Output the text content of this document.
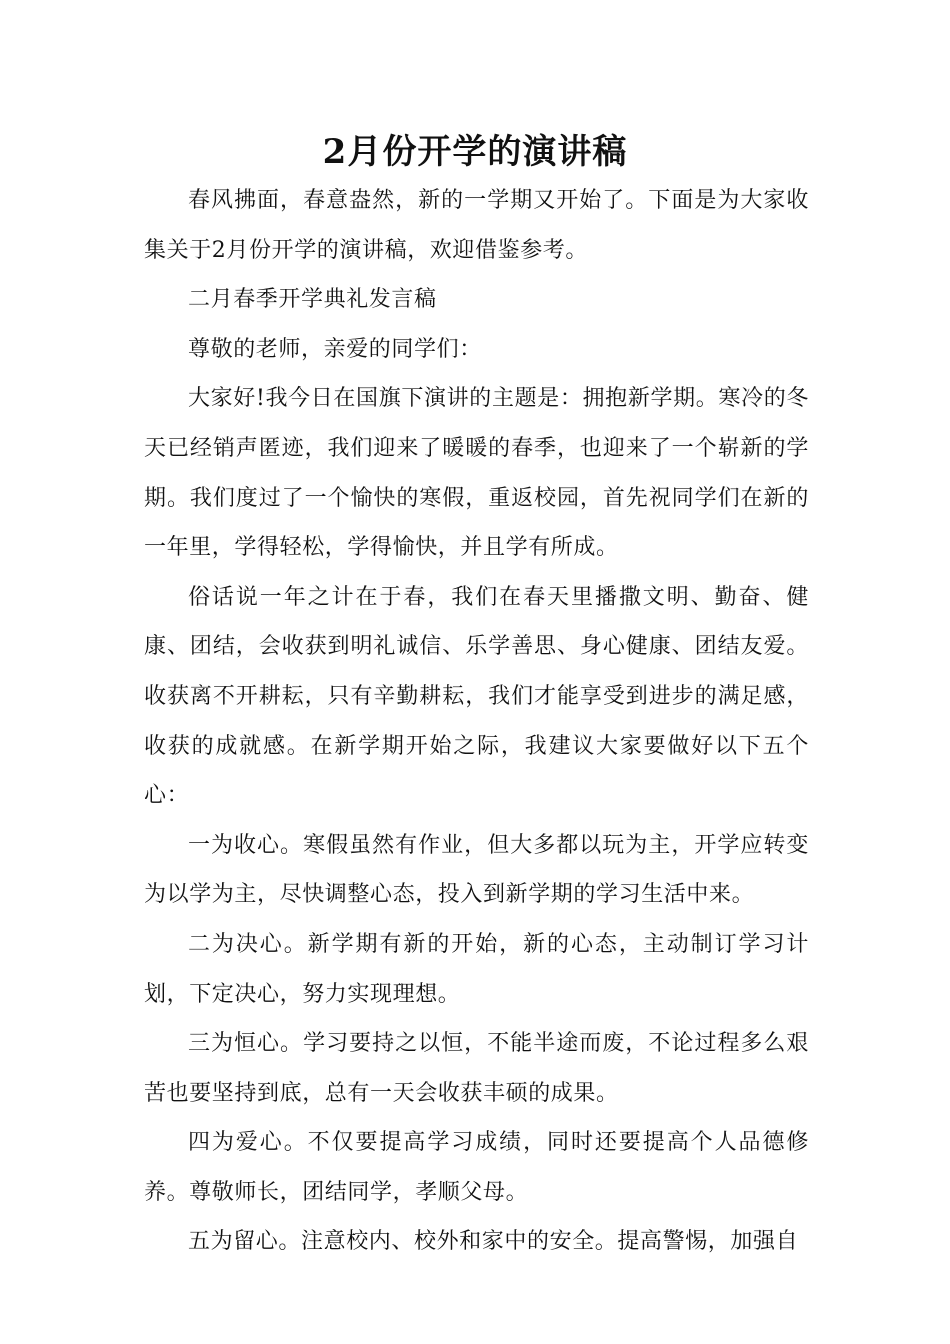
2月份开学的演讲稿

春风拂面，春意盎然，新的一学期又开始了。下面是为大家收集关于2月份开学的演讲稿，欢迎借鉴参考。

二月春季开学典礼发言稿

尊敬的老师，亲爱的同学们：

大家好!我今日在国旗下演讲的主题是：拥抱新学期。寒冷的冬天已经销声匿迹，我们迎来了暖暖的春季，也迎来了一个崭新的学期。我们度过了一个愉快的寒假，重返校园，首先祝同学们在新的一年里，学得轻松，学得愉快，并且学有所成。

俗话说一年之计在于春，我们在春天里播撒文明、勤奋、健康、团结，会收获到明礼诚信、乐学善思、身心健康、团结友爱。收获离不开耕耘，只有辛勤耕耘，我们才能享受到进步的满足感，收获的成就感。在新学期开始之际，我建议大家要做好以下五个心：

一为收心。寒假虽然有作业，但大多都以玩为主，开学应转变为以学为主，尽快调整心态，投入到新学期的学习生活中来。

二为决心。新学期有新的开始，新的心态，主动制订学习计划，下定决心，努力实现理想。

三为恒心。学习要持之以恒，不能半途而废，不论过程多么艰苦也要坚持到底，总有一天会收获丰硕的成果。

四为爱心。不仅要提高学习成绩，同时还要提高个人品德修养。尊敬师长，团结同学，孝顺父母。

五为留心。注意校内、校外和家中的安全。提高警惕，加强自
